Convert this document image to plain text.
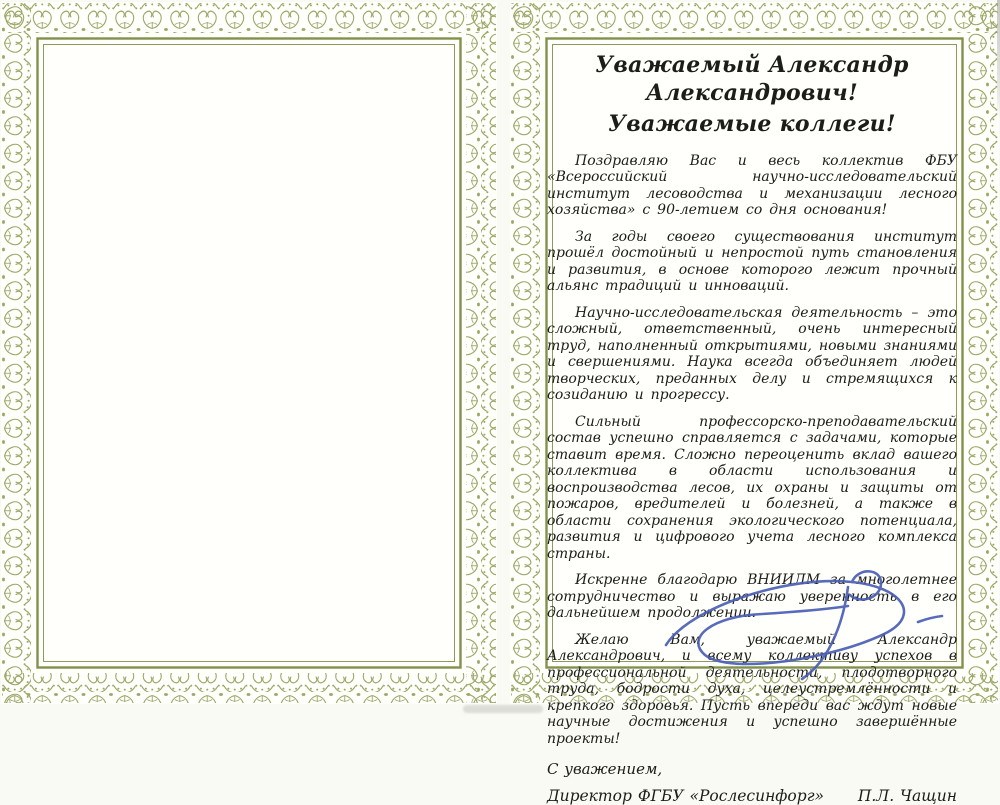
Уважаемый Александр Александрович!
Уважаемые коллеги!

Поздравляю Вас и весь коллектив ФБУ «Всероссийский научно-исследовательский институт лесоводства и механизации лесного хозяйства» с 90-летием со дня основания!

За годы своего существования институт прошёл достойный и непростой путь становления и развития, в основе которого лежит прочный альянс традиций и инноваций.

Научно-исследовательская деятельность – это сложный, ответственный, очень интересный труд, наполненный открытиями, новыми знаниями и свершениями. Наука всегда объединяет людей творческих, преданных делу и стремящихся к созиданию и прогрессу.

Сильный профессорско-преподавательский состав успешно справляется с задачами, которые ставит время. Сложно переоценить вклад вашего коллектива в области использования и воспроизводства лесов, их охраны и защиты от пожаров, вредителей и болезней, а также в области сохранения экологического потенциала, развития и цифрового учета лесного комплекса страны.

Искренне благодарю ВНИИЛМ за многолетнее сотрудничество и выражаю уверенность в его дальнейшем продолжении.

Желаю Вам, уважаемый Александр Александрович, и всему коллективу успехов в профессиональной деятельности, плодотворного труда, бодрости духа, целеустремлённости и крепкого здоровья. Пусть впереди вас ждут новые научные достижения и успешно завершённые проекты!

С уважением,

Директор ФГБУ «Рослесинфорг» П.Л. Чащин
